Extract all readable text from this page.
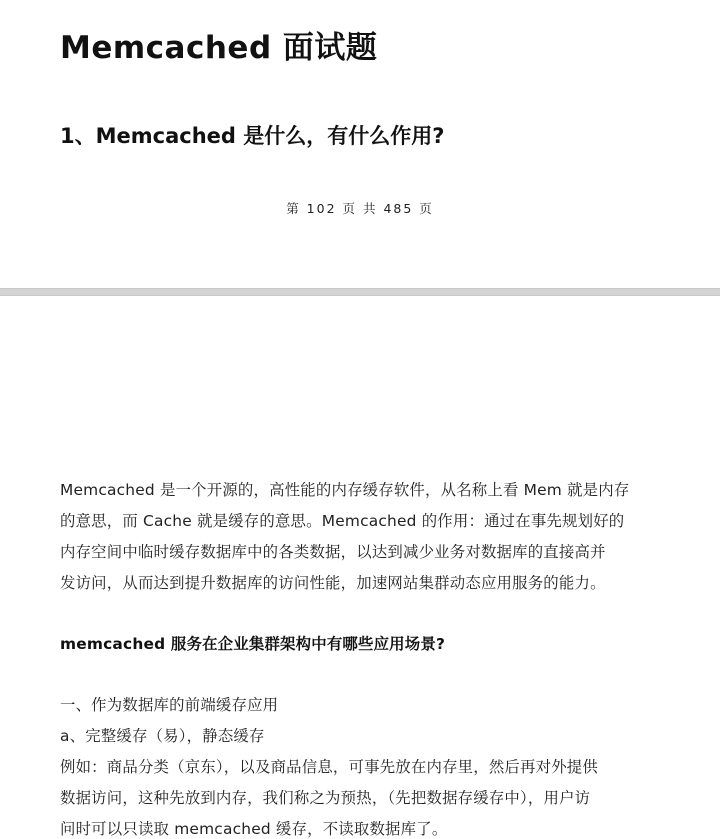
Memcached 面试题
1、Memcached 是什么，有什么作用?
第 102 页 共 485 页
Memcached 是一个开源的，高性能的内存缓存软件，从名称上看 Mem 就是内存
的意思，而 Cache 就是缓存的意思。Memcached 的作用：通过在事先规划好的
内存空间中临时缓存数据库中的各类数据，以达到减少业务对数据库的直接高并
发访问，从而达到提升数据库的访问性能，加速网站集群动态应用服务的能力。
memcached 服务在企业集群架构中有哪些应用场景?
一、作为数据库的前端缓存应用
a、完整缓存（易），静态缓存
例如：商品分类（京东），以及商品信息，可事先放在内存里，然后再对外提供
数据访问，这种先放到内存，我们称之为预热，（先把数据存缓存中），用户访
问时可以只读取 memcached 缓存，不读取数据库了。
